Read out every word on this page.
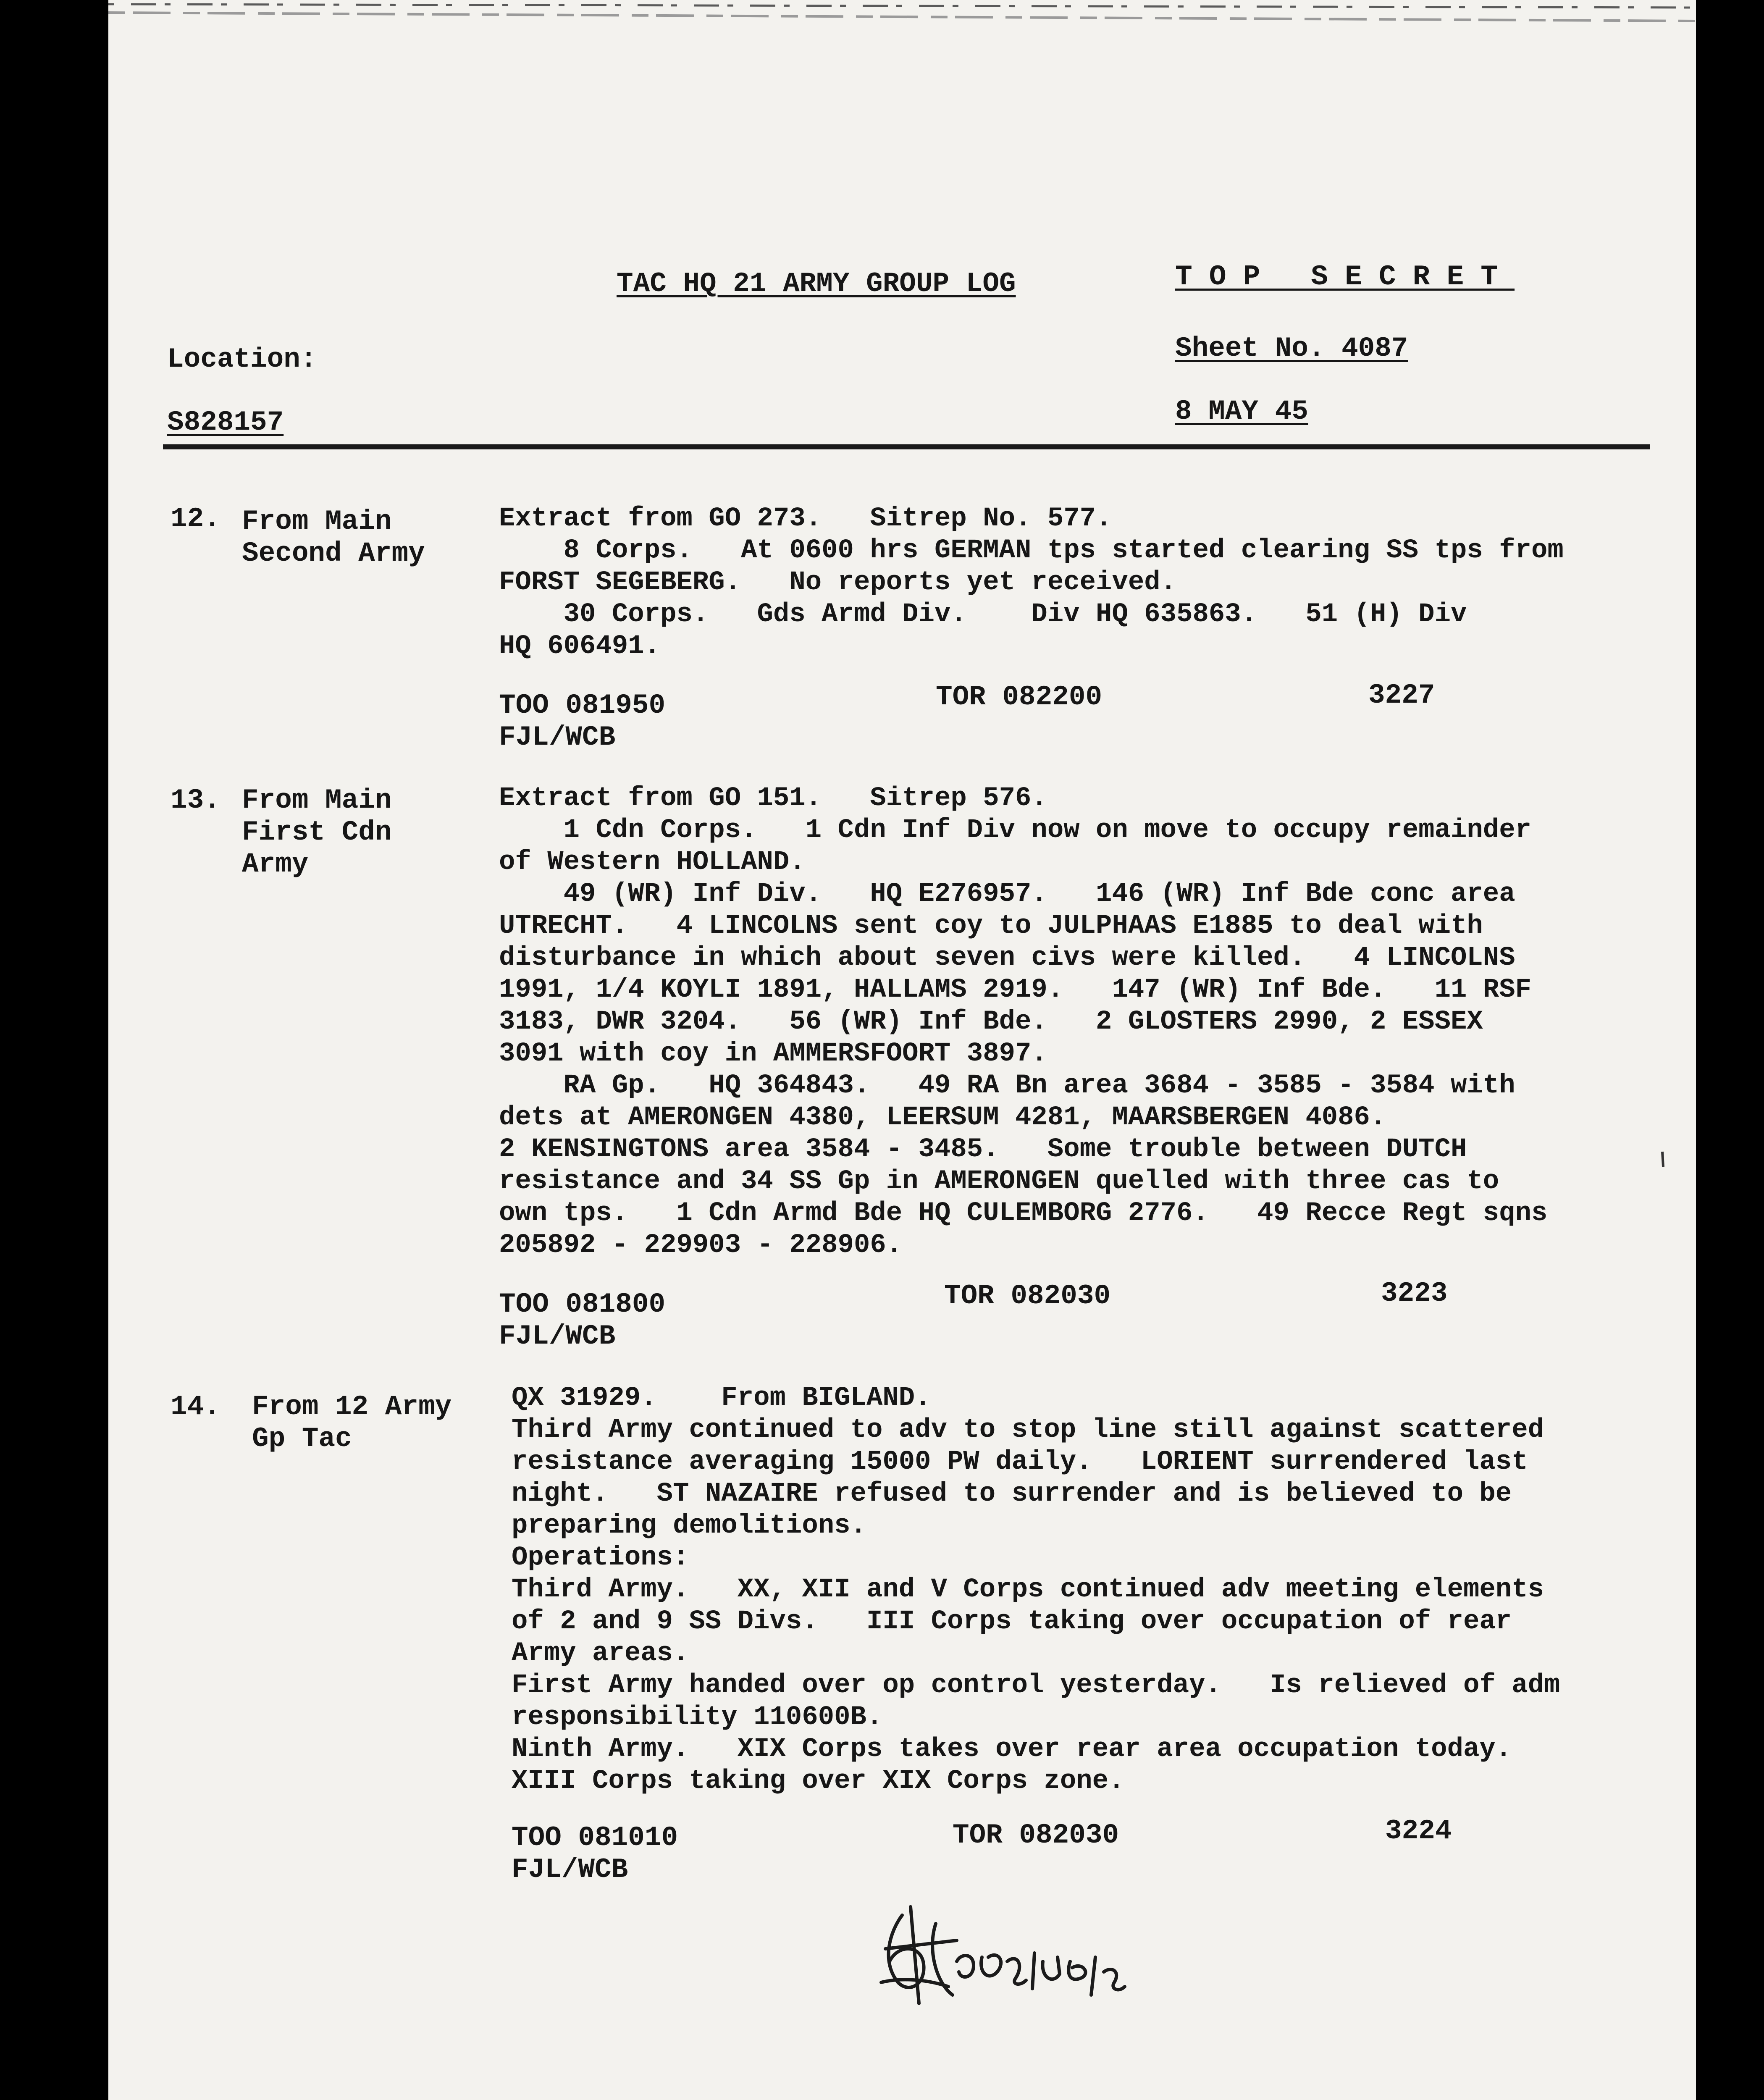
TAC HQ 21 ARMY GROUP LOG	TOP SECRET
Location:
S828157
Sheet No. 4087
8 MAY 45
12. From Main
Second Army
Extract from GO 273.   Sitrep No. 577.
8 Corps.   At 0600 hrs GERMAN tps started clearing SS tps from
FORST SEGEBERG.   No reports yet received.
30 Corps.   Gds Armd Div.    Div HQ 635863.   51 (H) Div
HQ 606491.
TOO 081950	TOR 082200	3227
FJL/WCB
13. From Main
First Cdn
Army
Extract from GO 151.   Sitrep 576.
1 Cdn Corps.   1 Cdn Inf Div now on move to occupy remainder
of Western HOLLAND.
49 (WR) Inf Div.   HQ E276957.   146 (WR) Inf Bde conc area
UTRECHT.   4 LINCOLNS sent coy to JULPHAAS E1885 to deal with
disturbance in which about seven civs were killed.   4 LINCOLNS
1991, 1/4 KOYLI 1891, HALLAMS 2919.   147 (WR) Inf Bde.   11 RSF
3183, DWR 3204.   56 (WR) Inf Bde.   2 GLOSTERS 2990, 2 ESSEX
3091 with coy in AMMERSFOORT 3897.
RA Gp.   HQ 364843.   49 RA Bn area 3684 - 3585 - 3584 with
dets at AMERONGEN 4380, LEERSUM 4281, MAARSBERGEN 4086.
2 KENSINGTONS area 3584 - 3485.   Some trouble between DUTCH
resistance and 34 SS Gp in AMERONGEN quelled with three cas to
own tps.   1 Cdn Armd Bde HQ CULEMBORG 2776.   49 Recce Regt sqns
205892 - 229903 - 228906.
TOO 081800	TOR 082030	3223
FJL/WCB
14. From 12 Army
Gp Tac
QX 31929.    From BIGLAND.
Third Army continued to adv to stop line still against scattered
resistance averaging 15000 PW daily.   LORIENT surrendered last
night.   ST NAZAIRE refused to surrender and is believed to be
preparing demolitions.
Operations:
Third Army.   XX, XII and V Corps continued adv meeting elements
of 2 and 9 SS Divs.   III Corps taking over occupation of rear
Army areas.
First Army handed over op control yesterday.   Is relieved of adm
responsibility 110600B.
Ninth Army.   XIX Corps takes over rear area occupation today.
XIII Corps taking over XIX Corps zone.
TOO 081010	TOR 082030	3224
FJL/WCB
09014512
